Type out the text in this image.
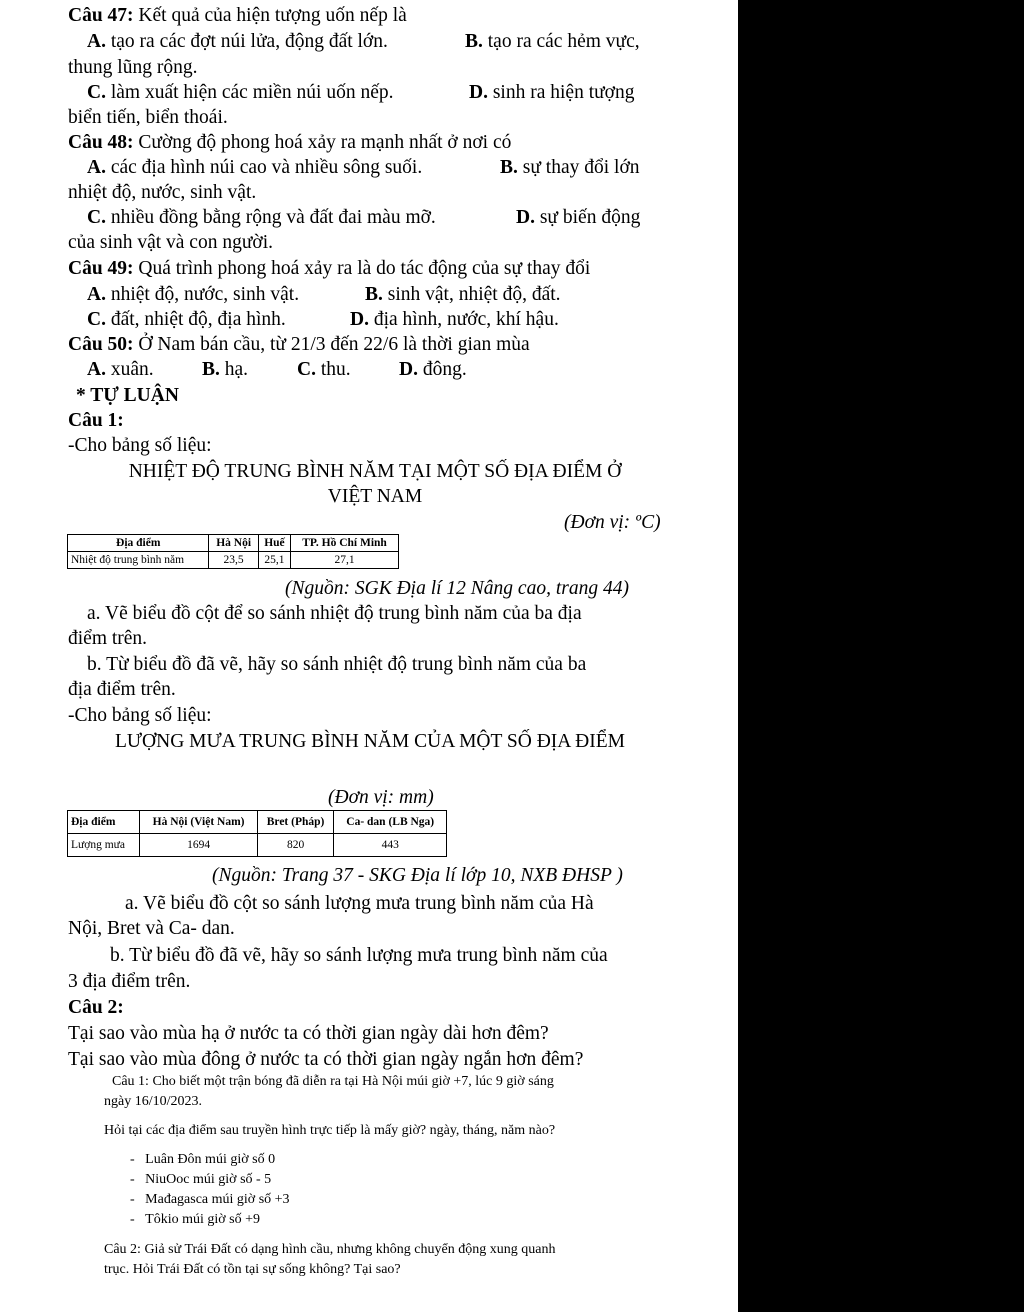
Câu 47: Kết quả của hiện tượng uốn nếp là
A. tạo ra các đợt núi lửa, động đất lớn.	B. tạo ra các hẻm vực,
thung lũng rộng.
C. làm xuất hiện các miền núi uốn nếp.	D. sinh ra hiện tượng
biển tiến, biển thoái.
Câu 48: Cường độ phong hoá xảy ra mạnh nhất ở nơi có
A. các địa hình núi cao và nhiều sông suối.	B. sự thay đổi lớn
nhiệt độ, nước, sinh vật.
C. nhiều đồng bằng rộng và đất đai màu mỡ.	D. sự biến động
của sinh vật và con người.
Câu 49: Quá trình phong hoá xảy ra là do tác động của sự thay đổi
A. nhiệt độ, nước, sinh vật.	B. sinh vật, nhiệt độ, đất.
C. đất, nhiệt độ, địa hình.	D. địa hình, nước, khí hậu.
Câu 50: Ở Nam bán cầu, từ 21/3 đến 22/6 là thời gian mùa
A. xuân. B. hạ.	C. thu. D. đông.
* TỰ LUẬN
Câu 1:
-Cho bảng số liệu:
NHIỆT ĐỘ TRUNG BÌNH NĂM TẠI MỘT SỐ ĐỊA ĐIỂM Ở
VIỆT NAM
(Đơn vị: ºC)
Địa điểm	Hà Nội	Huế	TP. Hồ Chí Minh
Nhiệt độ trung bình năm	23,5	25,1	27,1
(Nguồn: SGK Địa lí 12 Nâng cao, trang 44)
a. Vẽ biểu đồ cột để so sánh nhiệt độ trung bình năm của ba địa
điểm trên.
b. Từ biểu đồ đã vẽ, hãy so sánh nhiệt độ trung bình năm của ba
địa điểm trên.
-Cho bảng số liệu:
LƯỢNG MƯA TRUNG BÌNH NĂM CỦA MỘT SỐ ĐỊA ĐIỂM
(Đơn vị: mm)
Địa điểm	Hà Nội (Việt Nam)	Bret (Pháp)	Ca- dan (LB Nga)
Lượng mưa	1694	820	443
(Nguồn: Trang 37 - SKG Địa lí lớp 10, NXB ĐHSP )
a. Vẽ biểu đồ cột so sánh lượng mưa trung bình năm của Hà
Nội, Bret và Ca- dan.
b. Từ biểu đồ đã vẽ, hãy so sánh lượng mưa trung bình năm của
3 địa điểm trên.
Câu 2:
Tại sao vào mùa hạ ở nước ta có thời gian ngày dài hơn đêm?
Tại sao vào mùa đông ở nước ta có thời gian ngày ngắn hơn đêm?
Câu 1: Cho biết một trận bóng đã diễn ra tại Hà Nội múi giờ +7, lúc 9 giờ sáng
ngày 16/10/2023.
Hỏi tại các địa điểm sau truyền hình trực tiếp là mấy giờ? ngày, tháng, năm nào?
-   Luân Đôn múi giờ số 0
-   NiuOoc múi giờ số - 5
-   Mađagasca múi giờ số +3
-   Tôkio múi giờ số +9
Câu 2: Giả sử Trái Đất có dạng hình cầu, nhưng không chuyển động xung quanh
trục. Hỏi Trái Đất có tồn tại sự sống không? Tại sao?
